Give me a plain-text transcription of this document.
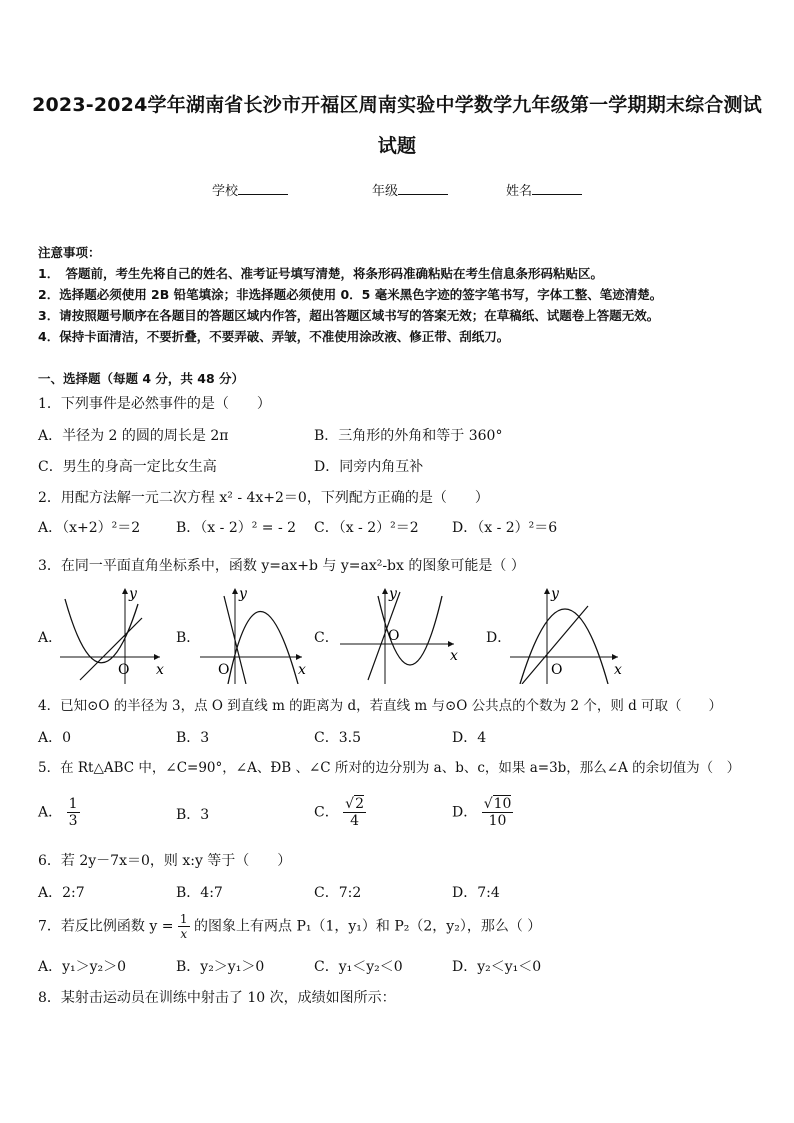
2023-2024学年湖南省长沙市开福区周南实验中学数学九年级第一学期期末综合测试
试题
学校	年级	姓名
注意事项：
1．　答题前，考生先将自己的姓名、准考证号填写清楚，将条形码准确粘贴在考生信息条形码粘贴区。
2．选择题必须使用 2B 铅笔填涂；非选择题必须使用 0．5 毫米黑色字迹的签字笔书写，字体工整、笔迹清楚。
3．请按照题号顺序在各题目的答题区域内作答，超出答题区域书写的答案无效；在草稿纸、试题卷上答题无效。
4．保持卡面清洁，不要折叠，不要弄破、弄皱，不准使用涂改液、修正带、刮纸刀。
一、选择题（每题 4 分，共 48 分）
1．下列事件是必然事件的是（　　）
A．半径为 2 的圆的周长是 2π	B．三角形的外角和等于 360°
C．男生的身高一定比女生高	D．同旁内角互补
2．用配方法解一元二次方程 x² - 4x+2＝0，下列配方正确的是（　　）
A．（x+2）²＝2	B．（x - 2）² = - 2 C．（x - 2）²＝2 D．（x - 2）²＝6
3．在同一平面直角坐标系中，函数 y=ax+b 与 y=ax²-bx 的图象可能是（ ）
A．	B．	C．	D．
O x
y
O	x
y
O
x
y
O	x
y
4．已知⊙O 的半径为 3，点 O 到直线 m 的距离为 d，若直线 m 与⊙O 公共点的个数为 2 个，则 d 可取（　　）
A．0	B．3	C．3.5	D．4
5．在 Rt△ABC 中，∠C=90°，∠A、ÐB 、∠C 所对的边分别为 a、b、c，如果 a=3b，那么∠A 的余切值为（　）
A． $\frac{1}{3}$	B．3	C． $\frac{√2}{4}$	D． $\frac{√10}{10}$
6．若 2y－7x＝0，则 x:y 等于（　　）
A．2:7	B．4:7	C．7:2	D．7:4
7．若反比例函数 $y = \frac{1}{x}$ 的图象上有两点 P₁（1，y₁）和 P₂（2，y₂），那么（ ）
A．y₁＞y₂＞0	B．y₂＞y₁＞0	C．y₁＜y₂＜0	D．y₂＜y₁＜0
8．某射击运动员在训练中射击了 10 次，成绩如图所示：
